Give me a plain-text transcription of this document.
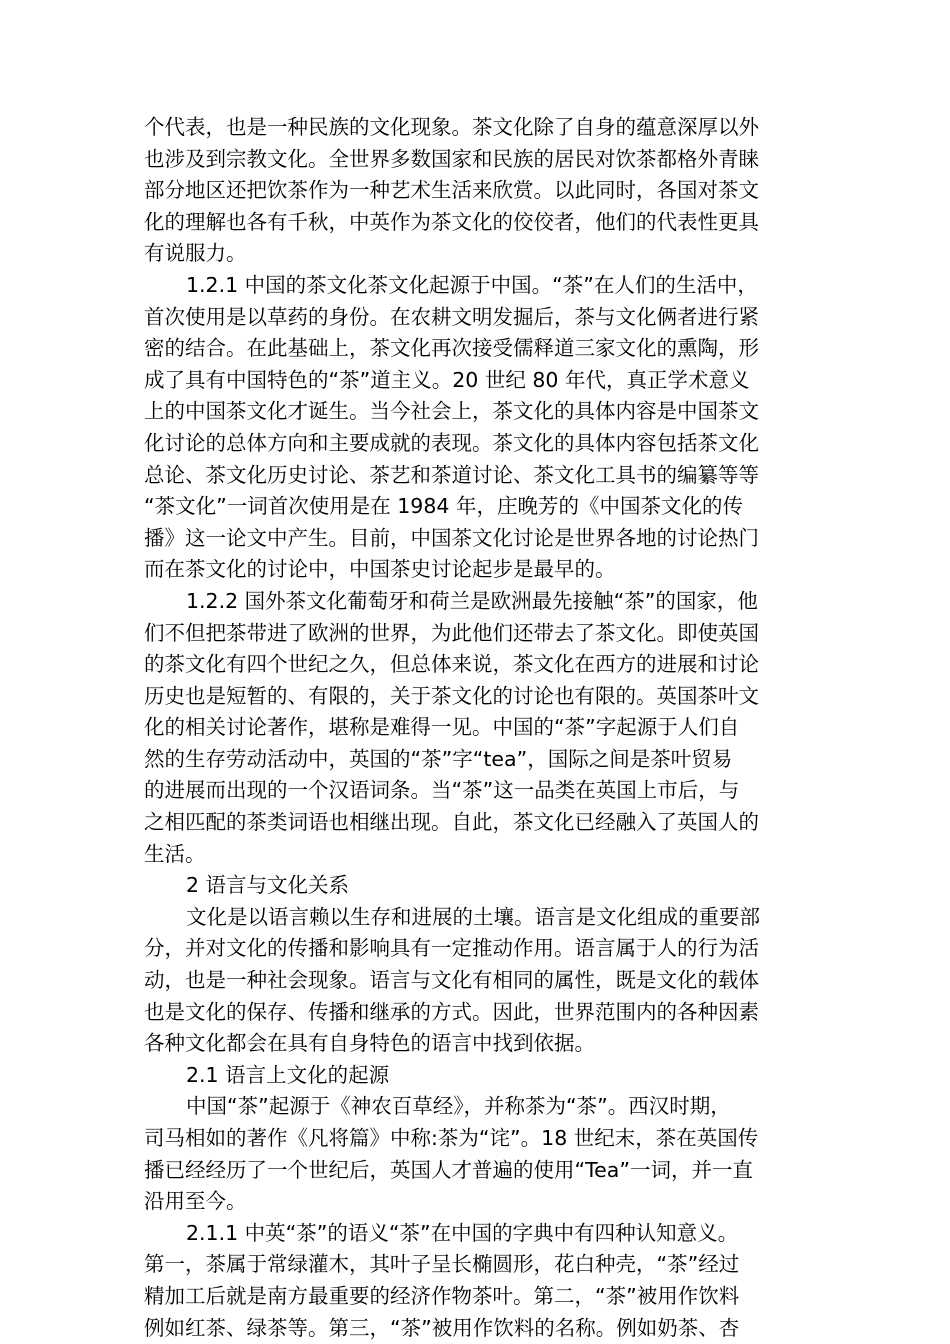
个代表，也是一种民族的文化现象。茶文化除了自身的蕴意深厚以外
也涉及到宗教文化。全世界多数国家和民族的居民对饮茶都格外青睐
部分地区还把饮茶作为一种艺术生活来欣赏。以此同时，各国对茶文
化的理解也各有千秋，中英作为茶文化的佼佼者，他们的代表性更具
有说服力。
1.2.1 中国的茶文化茶文化起源于中国。“茶”在人们的生活中，
首次使用是以草药的身份。在农耕文明发掘后，茶与文化俩者进行紧
密的结合。在此基础上，茶文化再次接受儒释道三家文化的熏陶，形
成了具有中国特色的“茶”道主义。20 世纪 80 年代，真正学术意义
上的中国茶文化才诞生。当今社会上，茶文化的具体内容是中国茶文
化讨论的总体方向和主要成就的表现。茶文化的具体内容包括茶文化
总论、茶文化历史讨论、茶艺和茶道讨论、茶文化工具书的编纂等等
“茶文化”一词首次使用是在 1984 年，庄晚芳的《中国茶文化的传
播》这一论文中产生。目前，中国茶文化讨论是世界各地的讨论热门
而在茶文化的讨论中，中国茶史讨论起步是最早的。
1.2.2 国外茶文化葡萄牙和荷兰是欧洲最先接触“茶”的国家，他
们不但把茶带进了欧洲的世界，为此他们还带去了茶文化。即使英国
的茶文化有四个世纪之久，但总体来说，茶文化在西方的进展和讨论
历史也是短暂的、有限的，关于茶文化的讨论也有限的。英国茶叶文
化的相关讨论著作，堪称是难得一见。中国的“茶”字起源于人们自
然的生存劳动活动中，英国的“茶”字“tea”，国际之间是茶叶贸易
的进展而出现的一个汉语词条。当“茶”这一品类在英国上市后，与
之相匹配的茶类词语也相继出现。自此，茶文化已经融入了英国人的
生活。
2 语言与文化关系
文化是以语言赖以生存和进展的土壤。语言是文化组成的重要部
分，并对文化的传播和影响具有一定推动作用。语言属于人的行为活
动，也是一种社会现象。语言与文化有相同的属性，既是文化的载体
也是文化的保存、传播和继承的方式。因此，世界范围内的各种因素
各种文化都会在具有自身特色的语言中找到依据。
2.1 语言上文化的起源
中国“茶”起源于《神农百草经》，并称茶为“茶”。西汉时期，
司马相如的著作《凡将篇》中称:茶为“诧”。18 世纪末，茶在英国传
播已经经历了一个世纪后，英国人才普遍的使用“Tea”一词，并一直
沿用至今。
2.1.1 中英“茶”的语义“茶”在中国的字典中有四种认知意义。
第一，茶属于常绿灌木，其叶子呈长椭圆形，花白种壳，“茶”经过
精加工后就是南方最重要的经济作物茶叶。第二，“茶”被用作饮料
例如红茶、绿茶等。第三，“茶”被用作饮料的名称。例如奶茶、杏
